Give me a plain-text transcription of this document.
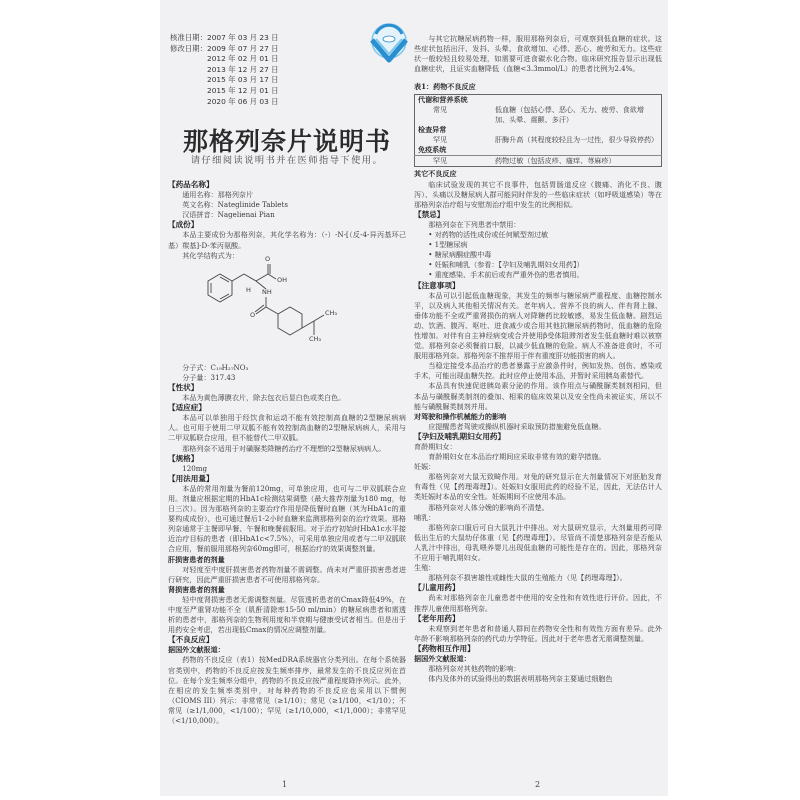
核准日期： 2007 年 03 月 23 日
修改日期： 2009 年 07 月 27 日
2012 年 02 月 01 日
2013 年 12 月 27 日
2015 年 03 月 17 日
2015 年 12 月 01 日
2020 年 06 月 03 日
那格列奈片说明书
请仔细阅读说明书并在医师指导下使用。
【药品名称】

通用名称：那格列奈片

英文名称：Nateglinide Tablets

汉语拼音：Nagelienai Pian

【成份】

本品主要成份为那格列奈，其化学名称为：（-）-N-[（反-4-异丙基环己基）羰基]-D-苯丙氨酸。

其化学结构式为：	O
OH
H NH
O	CH₃
CH₃

分子式：C₁₉H₂₇NO₃

分子量：317.43

【性状】

本品为黄色薄膜衣片，除去包衣后显白色或类白色。

【适应症】

本品可以单独用于经饮食和运动不能有效控制高血糖的2型糖尿病病人。也可用于使用二甲双胍不能有效控制高血糖的2型糖尿病病人，采用与二甲双胍联合应用，但不能替代二甲双胍。

那格列奈不适用于对磺脲类降糖药治疗不理想的2型糖尿病病人。

【规格】

120mg

【用法用量】

本品的常用剂量为餐前120mg，可单独应用，也可与二甲双胍联合应用。剂量应根据定期的HbA1c检测结果调整（最大推荐剂量为180 mg，每日三次）。因为那格列奈的主要治疗作用是降低餐时血糖（其为HbA1c的重要构成成份），也可通过餐后1-2小时血糖来监测那格列奈的治疗效果。那格列奈通常于主餐即早餐、午餐和晚餐前服用。对于治疗初始时HbA1c水平接近治疗目标的患者（即HbA1c<7.5%），可采用单独应用或者与二甲双胍联合应用，餐前服用那格列奈60mg即可，根据治疗的效果调整剂量。

肝损害患者的剂量

对轻度至中度肝损害患者药物剂量不需调整。尚未对严重肝损害患者进行研究，因此严重肝损害患者不可使用那格列奈。

肾损害患者的剂量

轻中度肾损害患者无需调整剂量。尽管透析患者的Cmax降低49%，在中度至严重肾功能不全（肌酐清除率15-50 ml/min）的糖尿病患者和需透析的患者中，那格列奈的生物利用度和半衰期与健康受试者相当。但是出于用药安全考虑，若出现低Cmax的情况应调整剂量。

【不良反应】
据国外文献报道：

药物的不良反应（表1）按MedDRA系统器官分类列出。在每个系统器官类别中，药物的不良反应按发生频率排序，最常发生的不良反应列在首位。在每个发生频率分组中，药物的不良反应按严重程度降序列示。此外，在相应的发生频率类别中，对每种药物的不良反应也采用以下惯例（CIOMS III）列示：非常常见（≥1/10）；常见（≥1/100，<1/10）；不常见（≥1/1,000，<1/100）；罕见（≥1/10,000，<1/1,000）；非常罕见（<1/10,000）。

1

与其它抗糖尿病药物一样，服用那格列奈后，可观察到低血糖的症状。这些症状包括出汗、发抖、头晕、食欲增加、心悸、恶心、疲劳和无力。这些症状一般较轻且较易处理，如需要可进食碳水化合物。临床研究报告显示出现低血糖症状，且证实血糖降低（血糖<3.3mmol/L）的患者比例为2.4%。

表1：药物不良反应
代谢和营养系统	
常见	低血糖（包括心悸、恶心、无力、疲劳、食欲增加、头晕、震颤、多汗）
检查异常	
罕见	肝酶升高（其程度较轻且为一过性，很少导致停药）
免疫系统	
罕见	药物过敏（包括皮疹、瘙痒、荨麻疹）
其它不良反应

临床试验发现的其它不良事件，包括胃肠道反应（腹痛、消化不良、腹泻）、头痛以及糖尿病人群可能同时伴发的一些临床症状（如呼吸道感染）等在那格列奈治疗组与安慰剂治疗组中发生的比例相似。

【禁忌】

那格列奈在下列患者中禁用：

• 对药物的活性成份或任何赋型剂过敏
• 1型糖尿病
• 糖尿病酮症酸中毒
• 妊娠和哺乳（参看：【孕妇及哺乳期妇女用药】）
• 重度感染、手术前后或有严重外伤的患者慎用。
【注意事项】

本品可以引起低血糖现象，其发生的频率与糖尿病严重程度、血糖控制水平，以及病人其他相关情况有关。老年病人、营养不良的病人、伴有肾上腺、垂体功能不全或严重肾损伤的病人对降糖药比较敏感，易发生低血糖。剧烈运动、饮酒、腹泻、呕吐、进食减少或合用其他抗糖尿病药物时，低血糖的危险性增加。对伴有自主神经病变或合并使用β受体阻滞剂者发生低血糖时难以被察觉。那格列奈必须餐前口服，以减少低血糖的危险。病人不准备进食时，不可服用那格列奈。那格列奈不推荐用于伴有重度肝功能损害的病人。

当稳定接受本品治疗的患者暴露于应激条件时，例如发热、创伤、感染或手术，可能出现血糖失控。此时应停止使用本品，并暂时采用胰岛素替代。

本品具有快速促进胰岛素分泌的作用。该作用点与磺酰脲类制剂相同，但本品与磺酰脲类制剂的叠加、相乘的临床效果以及安全性尚未被证实，所以不能与磺酰脲类制剂并用。

对驾驶和操作机械能力的影响

应提醒患者驾驶或操纵机器时采取预防措施避免低血糖。

【孕妇及哺乳期妇女用药】

育龄期妇女：

育龄期妇女在本品治疗期间应采取非常有效的避孕措施。

妊娠：

那格列奈对大鼠无致畸作用。对兔的研究显示在大剂量情况下对胚胎发育有毒性（见【药理毒理】）。妊娠妇女服用此药的经验不足，因此，无法估计人类妊娠时本品的安全性。妊娠期间不应使用本品。

那格列奈对人体分娩的影响尚不清楚。

哺乳：

那格列奈口服后可自大鼠乳汁中排出。对大鼠研究显示，大剂量用药可降低出生后的大鼠幼仔体重（见【药理毒理】）。尽管尚不清楚那格列奈是否能从人乳汁中排出，母乳喂养婴儿出现低血糖的可能性是存在的。因此，那格列奈不应用于哺乳期妇女。

生殖：

那格列奈不损害雄性或雌性大鼠的生殖能力（见【药理毒理】）。

【儿童用药】

尚未对那格列奈在儿童患者中使用的安全性和有效性进行评价。因此，不推荐儿童使用那格列奈。

【老年用药】

未观察到老年患者和普通人群间在药物安全性和有效性方面有差异。此外年龄不影响那格列奈的药代动力学特征。因此对于老年患者无需调整剂量。

【药物相互作用】
据国外文献报道：

那格列奈对其他药物的影响：

体内及体外的试验得出的数据表明那格列奈主要通过细胞色

2
